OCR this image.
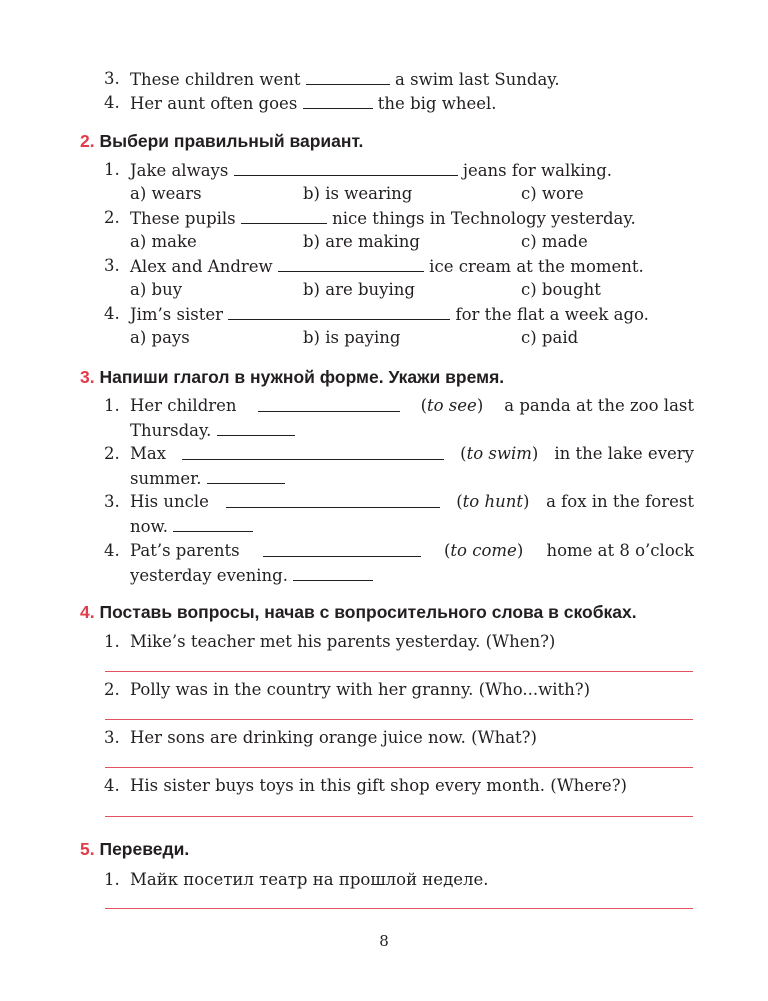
3. These children went	a swim last Sunday.
4. Her aunt often goes	the big wheel.
2. Выбери правильный вариант.
1. Jake always	jeans for walking.
a) wears	b) is wearing	c) wore
2. These pupils	nice things in Technology yesterday.
a) make	b) are making	c) made
3. Alex and Andrew	ice cream at the moment.
a) buy	b) are buying	c) bought
4. Jim’s sister	for the flat a week ago.
a) pays	b) is paying	c) paid
3. Напиши глагол в нужной форме. Укажи время.
1. Her children	(to see) a panda at the zoo last
Thursday.
2. Max	(to swim) in the lake every
summer.
3. His uncle	(to hunt) a fox in the forest
now.
4. Pat’s parents	(to come) home at 8 o’clock
yesterday evening.
4. Поставь вопросы, начав с вопросительного слова в скобках.
1. Mike’s teacher met his parents yesterday. (When?)
2. Polly was in the country with her granny. (Who...with?)
3. Her sons are drinking orange juice now. (What?)
4. His sister buys toys in this gift shop every month. (Where?)
5. Переведи.
1. Майк посетил театр на прошлой неделе.
8
